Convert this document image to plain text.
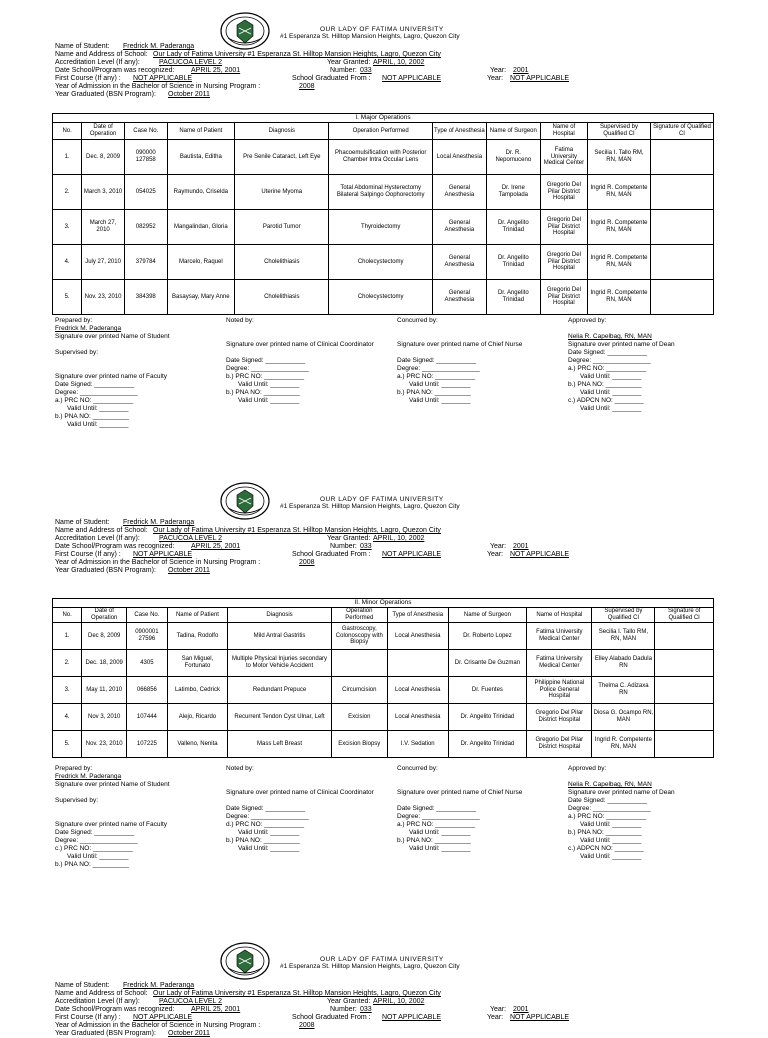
OUR LADY OF FATIMA UNIVERSITY
#1 Esperanza St. Hilltop Mansion Heights, Lagro, Quezon City
Name of Student: Fredrick M. Paderanga
Name and Address of School: Our Lady of Fatima University #1 Esperanza St. Hilltop Mansion Heights, Lagro, Quezon City
Accreditation Level (If any):	PACUCOA LEVEL 2	Year Granted: APRIL, 10, 2002
Date School/Program was recognized: APRIL 25, 2001	Number: 033	Year: 2001
First Course (If any) : NOT APPLICABLE	School Graduated From : NOT APPLICABLE	Year: NOT APPLICABLE
Year of Admission in the Bachelor of Science in Nursing Program :	2008
Year Graduated (BSN Program): October 2011
I. Major Operations										
No.	Date of Operation	Case No.	Name of Patient	Diagnosis	Operation Performed	Type of Anesthesia	Name of Surgeon	Name of Hospital	Supervised by Qualified CI	Signature of Qualified CI
1.	Dec. 8, 2009	090000 127858	Bautista, Editha	Pre Senile Cataract, Left Eye	Phacoemulsification with Posterior Chamber Intra Occular Lens	Local Anesthesia	Dr. R. Nepomuceno	Fatima University Medical Center	Secilia I. Tallo RM, RN, MAN	
2.	March 3, 2010	054025	Raymundo, Criselda	Uterine Myoma	Total Abdominal Hysterectomy Bilateral Salpingo Oophorectomy	General Anesthesia	Dr. Irene Tampolada	Gregorio Del Pilar District Hospital	Ingrid R. Competente RN, MAN	
3.	March 27, 2010	082952	Mangalindan, Gloria	Parotid Tumor	Thyroidectomy	General Anesthesia	Dr. Angelito Trinidad	Gregorio Del Pilar District Hospital	Ingrid R. Competente RN, MAN	
4.	July 27, 2010	379784	Marcelo, Raquel	Cholelithiasis	Cholecystectomy	General Anesthesia	Dr. Angelito Trinidad	Gregorio Del Pilar District Hospital	Ingrid R. Competente RN, MAN	
5.	Nov. 23, 2010	384398	Basaysay, Mary Anne	Cholelithiasis	Cholecystectomy	General Anesthesia	Dr. Angelito Trinidad	Gregorio Del Pilar District Hospital	Ingrid R. Competente RN, MAN	
Prepared by:
Fredrick M. Paderanga
Signature over printed Name of Student
Supervised by:
Signature over printed name of Faculty
Date Signed: ___________
Degree: ________________
a.) PRC NO: ___________
Valid Until: ________
b.) PNA NO: __________
Valid Until: ________
Noted by:
Signature over printed name of Clinical Coordinator
Date Signed: ___________
Degree: ________________
b.) PRC NO: ___________
Valid Until: ________
b.) PNA NO: __________
Valid Until: ________
Concurred by:
Signature over printed name of Chief Nurse
Date Signed: ___________
Degree: ________________
a.) PRC NO: ___________
Valid Until: ________
b.) PNA NO: __________
Valid Until: ________
Approved by:
Nelia R. Capelbag, RN, MAN
Signature over printed name of Dean
Date Signed: ___________
Degree: ________________
a.) PRC NO: ___________
Valid Until: ________
b.) PNA NO: __________
Valid Until: ________
c.) ADPCN NO: ________
Valid Until: ________
OUR LADY OF FATIMA UNIVERSITY
#1 Esperanza St. Hilltop Mansion Heights, Lagro, Quezon City
Name of Student: Fredrick M. Paderanga
Name and Address of School: Our Lady of Fatima University #1 Esperanza St. Hilltop Mansion Heights, Lagro, Quezon City
Accreditation Level (If any):	PACUCOA LEVEL 2	Year Granted: APRIL, 10, 2002
Date School/Program was recognized: APRIL 25, 2001	Number: 033	Year: 2001
First Course (If any) : NOT APPLICABLE	School Graduated From : NOT APPLICABLE	Year: NOT APPLICABLE
Year of Admission in the Bachelor of Science in Nursing Program :	2008
Year Graduated (BSN Program): October 2011
II. Minor Operations										
No.	Date of Operation	Case No.	Name of Patient	Diagnosis	Operation Performed	Type of Anesthesia	Name of Surgeon	Name of Hospital	Supervised by Qualified CI	Signature of Qualified CI
1.	Dec 8, 2009	0900001 27596	Tadina, Rodolfo	Mild Antral Gastritis	Gastroscopy, Colonoscopy with Biopsy	Local Anesthesia	Dr. Roberto Lopez	Fatima University Medical Center	Secilia I. Tallo RM, RN, MAN	
2.	Dec. 18, 2009	4305	San Miguel, Fortunato	Multiple Physical Injuries secondary to Motor Vehicle Accident			Dr. Crisante De Guzman	Fatima University Medical Center	Elley Alabado Dadula RN	
3.	May 11, 2010	066856	Latimbo, Cedrick	Redundant Prepuce	Circumcision	Local Anesthesia	Dr. Fuentes	Philippine National Police General Hospital	Thelma C. Adizaxa RN	
4.	Nov 3, 2010	107444	Alejo, Ricardo	Recurrent Tendon Cyst Ulnar, Left	Excision	Local Anesthesia	Dr. Angelito Trinidad	Gregorio Del Pilar District Hospital	Diosa G. Ocampo RN, MAN	
5.	Nov. 23, 2010	107225	Valleno, Nenita	Mass Left Breast	Excision Biopsy	I.V. Sedation	Dr. Angelito Trinidad	Gregorio Del Pilar District Hospital	Ingrid R. Competente RN, MAN	
Prepared by:
Fredrick M. Paderanga
Signature over printed Name of Student
Supervised by:
Signature over printed name of Faculty
Date Signed: ___________
Degree: ________________
c.) PRC NO: ___________
Valid Until: ________
b.) PNA NO: __________
Noted by:
Signature over printed name of Clinical Coordinator
Date Signed: ___________
Degree: ________________
d.) PRC NO: ___________
Valid Until: ________
b.) PNA NO: __________
Valid Until: ________
Concurred by:
Signature over printed name of Chief Nurse
Date Signed: ___________
Degree: ________________
a.) PRC NO: ___________
Valid Until: ________
b.) PNA NO: __________
Valid Until: ________
Approved by:
Nelia R. Capelbag, RN, MAN
Signature over printed name of Dean
Date Signed: ___________
Degree: ________________
a.) PRC NO: ___________
Valid Until: ________
b.) PNA NO: __________
Valid Until: ________
c.) ADPCN NO: ________
Valid Until: ________
OUR LADY OF FATIMA UNIVERSITY
#1 Esperanza St. Hilltop Mansion Heights, Lagro, Quezon City
Name of Student: Fredrick M. Paderanga
Name and Address of School: Our Lady of Fatima University #1 Esperanza St. Hilltop Mansion Heights, Lagro, Quezon City
Accreditation Level (If any):	PACUCOA LEVEL 2	Year Granted: APRIL, 10, 2002
Date School/Program was recognized: APRIL 25, 2001	Number: 033	Year: 2001
First Course (If any) : NOT APPLICABLE	School Graduated From : NOT APPLICABLE	Year: NOT APPLICABLE
Year of Admission in the Bachelor of Science in Nursing Program :	2008
Year Graduated (BSN Program): October 2011
